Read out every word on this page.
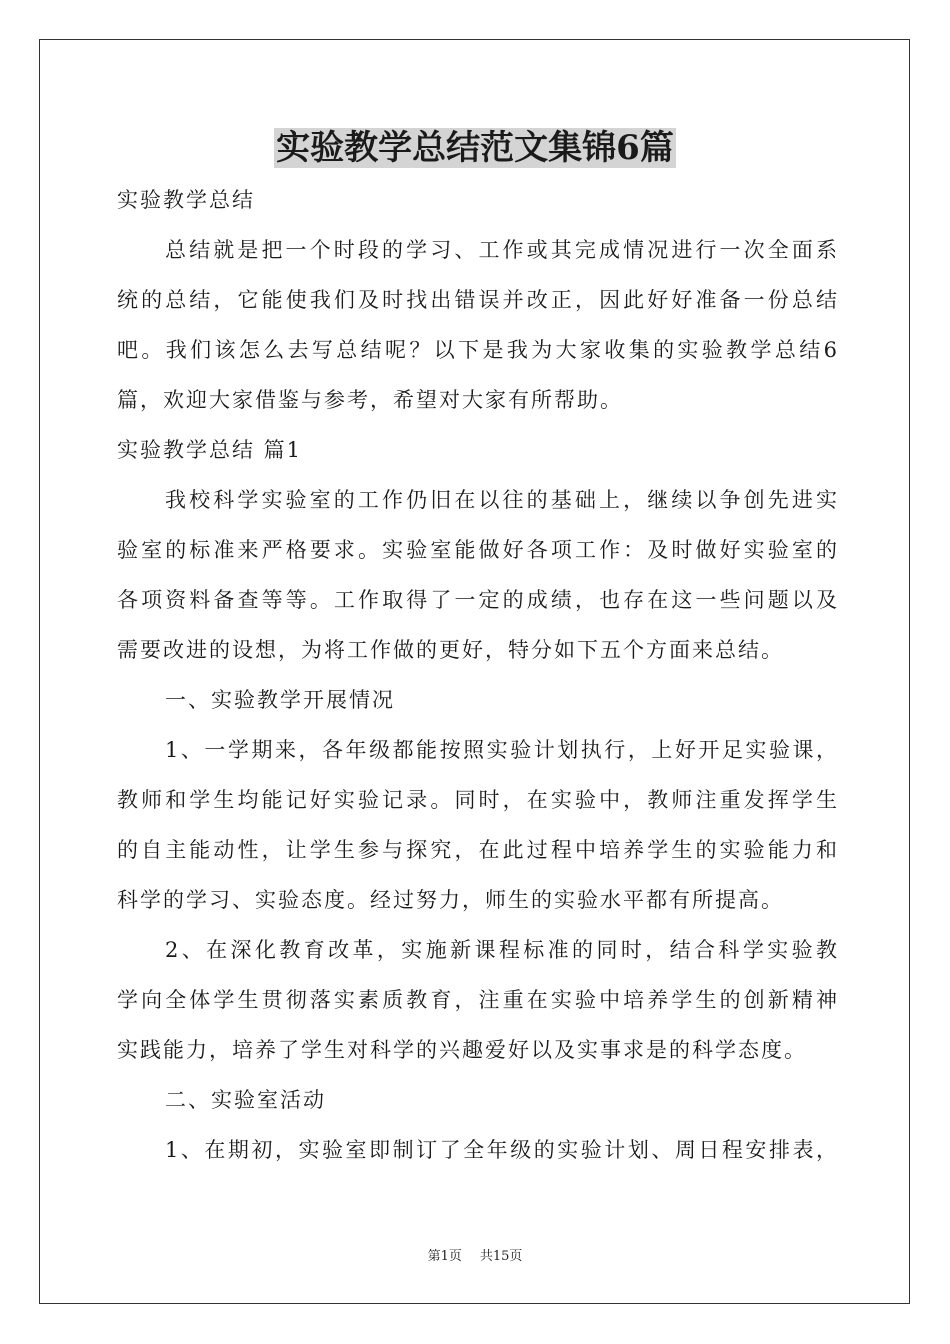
实验教学总结范文集锦6篇
实验教学总结
总结就是把一个时段的学习、工作或其完成情况进行一次全面系
统的总结，它能使我们及时找出错误并改正，因此好好准备一份总结
吧。我们该怎么去写总结呢？以下是我为大家收集的实验教学总结6
篇，欢迎大家借鉴与参考，希望对大家有所帮助。
实验教学总结 篇1
我校科学实验室的工作仍旧在以往的基础上，继续以争创先进实
验室的标准来严格要求。实验室能做好各项工作：及时做好实验室的
各项资料备查等等。工作取得了一定的成绩，也存在这一些问题以及
需要改进的设想，为将工作做的更好，特分如下五个方面来总结。
一、实验教学开展情况
1、一学期来，各年级都能按照实验计划执行，上好开足实验课，
教师和学生均能记好实验记录。同时，在实验中，教师注重发挥学生
的自主能动性，让学生参与探究，在此过程中培养学生的实验能力和
科学的学习、实验态度。经过努力，师生的实验水平都有所提高。
2、在深化教育改革，实施新课程标准的同时，结合科学实验教
学向全体学生贯彻落实素质教育，注重在实验中培养学生的创新精神
实践能力，培养了学生对科学的兴趣爱好以及实事求是的科学态度。
二、实验室活动
1、在期初，实验室即制订了全年级的实验计划、周日程安排表，
第1页 共15页
